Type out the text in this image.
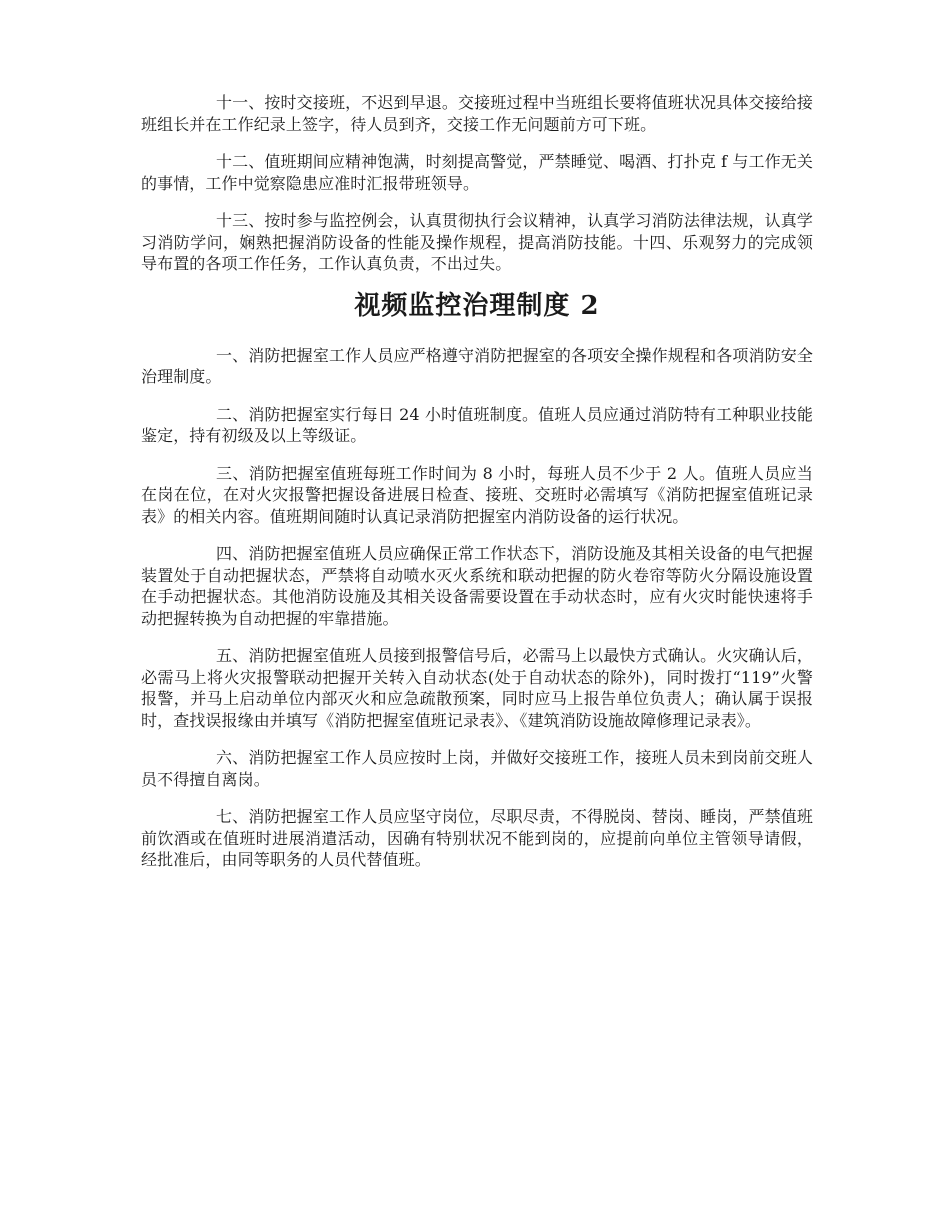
十一、按时交接班，不迟到早退。交接班过程中当班组长要将值班状况具体交接给接班组长并在工作纪录上签字，待人员到齐，交接工作无问题前方可下班。

十二、值班期间应精神饱满，时刻提高警觉，严禁睡觉、喝酒、打扑克 f 与工作无关的事情，工作中觉察隐患应准时汇报带班领导。

十三、按时参与监控例会，认真贯彻执行会议精神，认真学习消防法律法规，认真学习消防学问，娴熟把握消防设备的性能及操作规程，提高消防技能。十四、乐观努力的完成领导布置的各项工作任务，工作认真负责，不出过失。

视频监控治理制度 2

一、消防把握室工作人员应严格遵守消防把握室的各项安全操作规程和各项消防安全治理制度。

二、消防把握室实行每日 24 小时值班制度。值班人员应通过消防特有工种职业技能鉴定，持有初级及以上等级证。

三、消防把握室值班每班工作时间为 8 小时，每班人员不少于 2 人。值班人员应当在岗在位，在对火灾报警把握设备进展日检查、接班、交班时必需填写《消防把握室值班记录表》的相关内容。值班期间随时认真记录消防把握室内消防设备的运行状况。

四、消防把握室值班人员应确保正常工作状态下，消防设施及其相关设备的电气把握装置处于自动把握状态，严禁将自动喷水灭火系统和联动把握的防火卷帘等防火分隔设施设置在手动把握状态。其他消防设施及其相关设备需要设置在手动状态时，应有火灾时能快速将手动把握转换为自动把握的牢靠措施。

五、消防把握室值班人员接到报警信号后，必需马上以最快方式确认。火灾确认后，必需马上将火灾报警联动把握开关转入自动状态(处于自动状态的除外)，同时拨打“119”火警　 报警，并马上启动单位内部灭火和应急疏散预案，同时应马上报告单位负责人；确认属于误报时，查找误报缘由并填写《消防把握室值班记录表》、《建筑消防设施故障修理记录表》。

六、消防把握室工作人员应按时上岗，并做好交接班工作，接班人员未到岗前交班人员不得擅自离岗。

七、消防把握室工作人员应坚守岗位，尽职尽责，不得脱岗、替岗、睡岗，严禁值班前饮酒或在值班时进展消遣活动，因确有特别状况不能到岗的，应提前向单位主管领导请假，经批准后，由同等职务的人员代替值班。
